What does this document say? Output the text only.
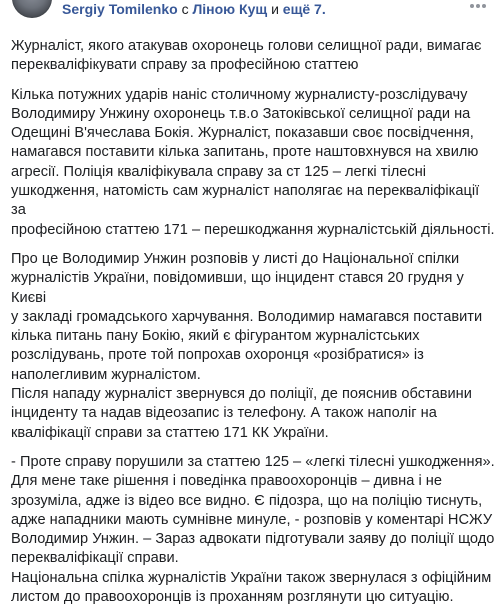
Sergiy Tomilenko с Ліною Кущ и ещё 7.

Журналіст, якого атакував охоронець голови селищної ради, вимагає
перекваліфікувати справу за професійною статтею

Кілька потужних ударів наніс столичному журналисту-розслідувачу
Володимиру Унжину охоронець т.в.о Затоківської селищної ради на
Одещині В'ячеслава Бокія. Журналіст, показавши своє посвідчення,
намагався поставити кілька запитань, проте наштовхнувся на хвилю
агресії. Поліція кваліфікувала справу за ст 125 – легкі тілесні
ушкодження, натомість сам журналіст наполягає на перекваліфікації за
професійною статтею 171 – перешкоджання журналістській діяльності.

Про це Володимир Унжин розповів у листі до Національної спілки
журналістів України, повідомивши, що інцидент стався 20 грудня у Києві
у закладі громадського харчування. Володимир намагався поставити
кілька питань пану Бокію, який є фігурантом журналістських
розслідувань, проте той попрохав охоронця «розібратися» із
наполегливим журналістом.
Після нападу журналіст звернувся до поліції, де пояснив обставини
інциденту та надав відеозапис із телефону. А також наполіг на
кваліфікації справи за статтею 171 КК України.

- Проте справу порушили за статтею 125 – «легкі тілесні ушкодження».
Для мене таке рішення і поведінка правоохоронців – дивна і не
зрозуміла, адже із відео все видно. Є підозра, що на поліцію тиснуть,
адже нападники мають сумнівне минуле, - розповів у коментарі НСЖУ
Володимир Унжин. – Зараз адвокати підготували заяву до поліції щодо
перекваліфікації справи.
Національна спілка журналістів України також звернулася з офіційним
листом до правоохоронців із проханням розглянути цю ситуацію.
